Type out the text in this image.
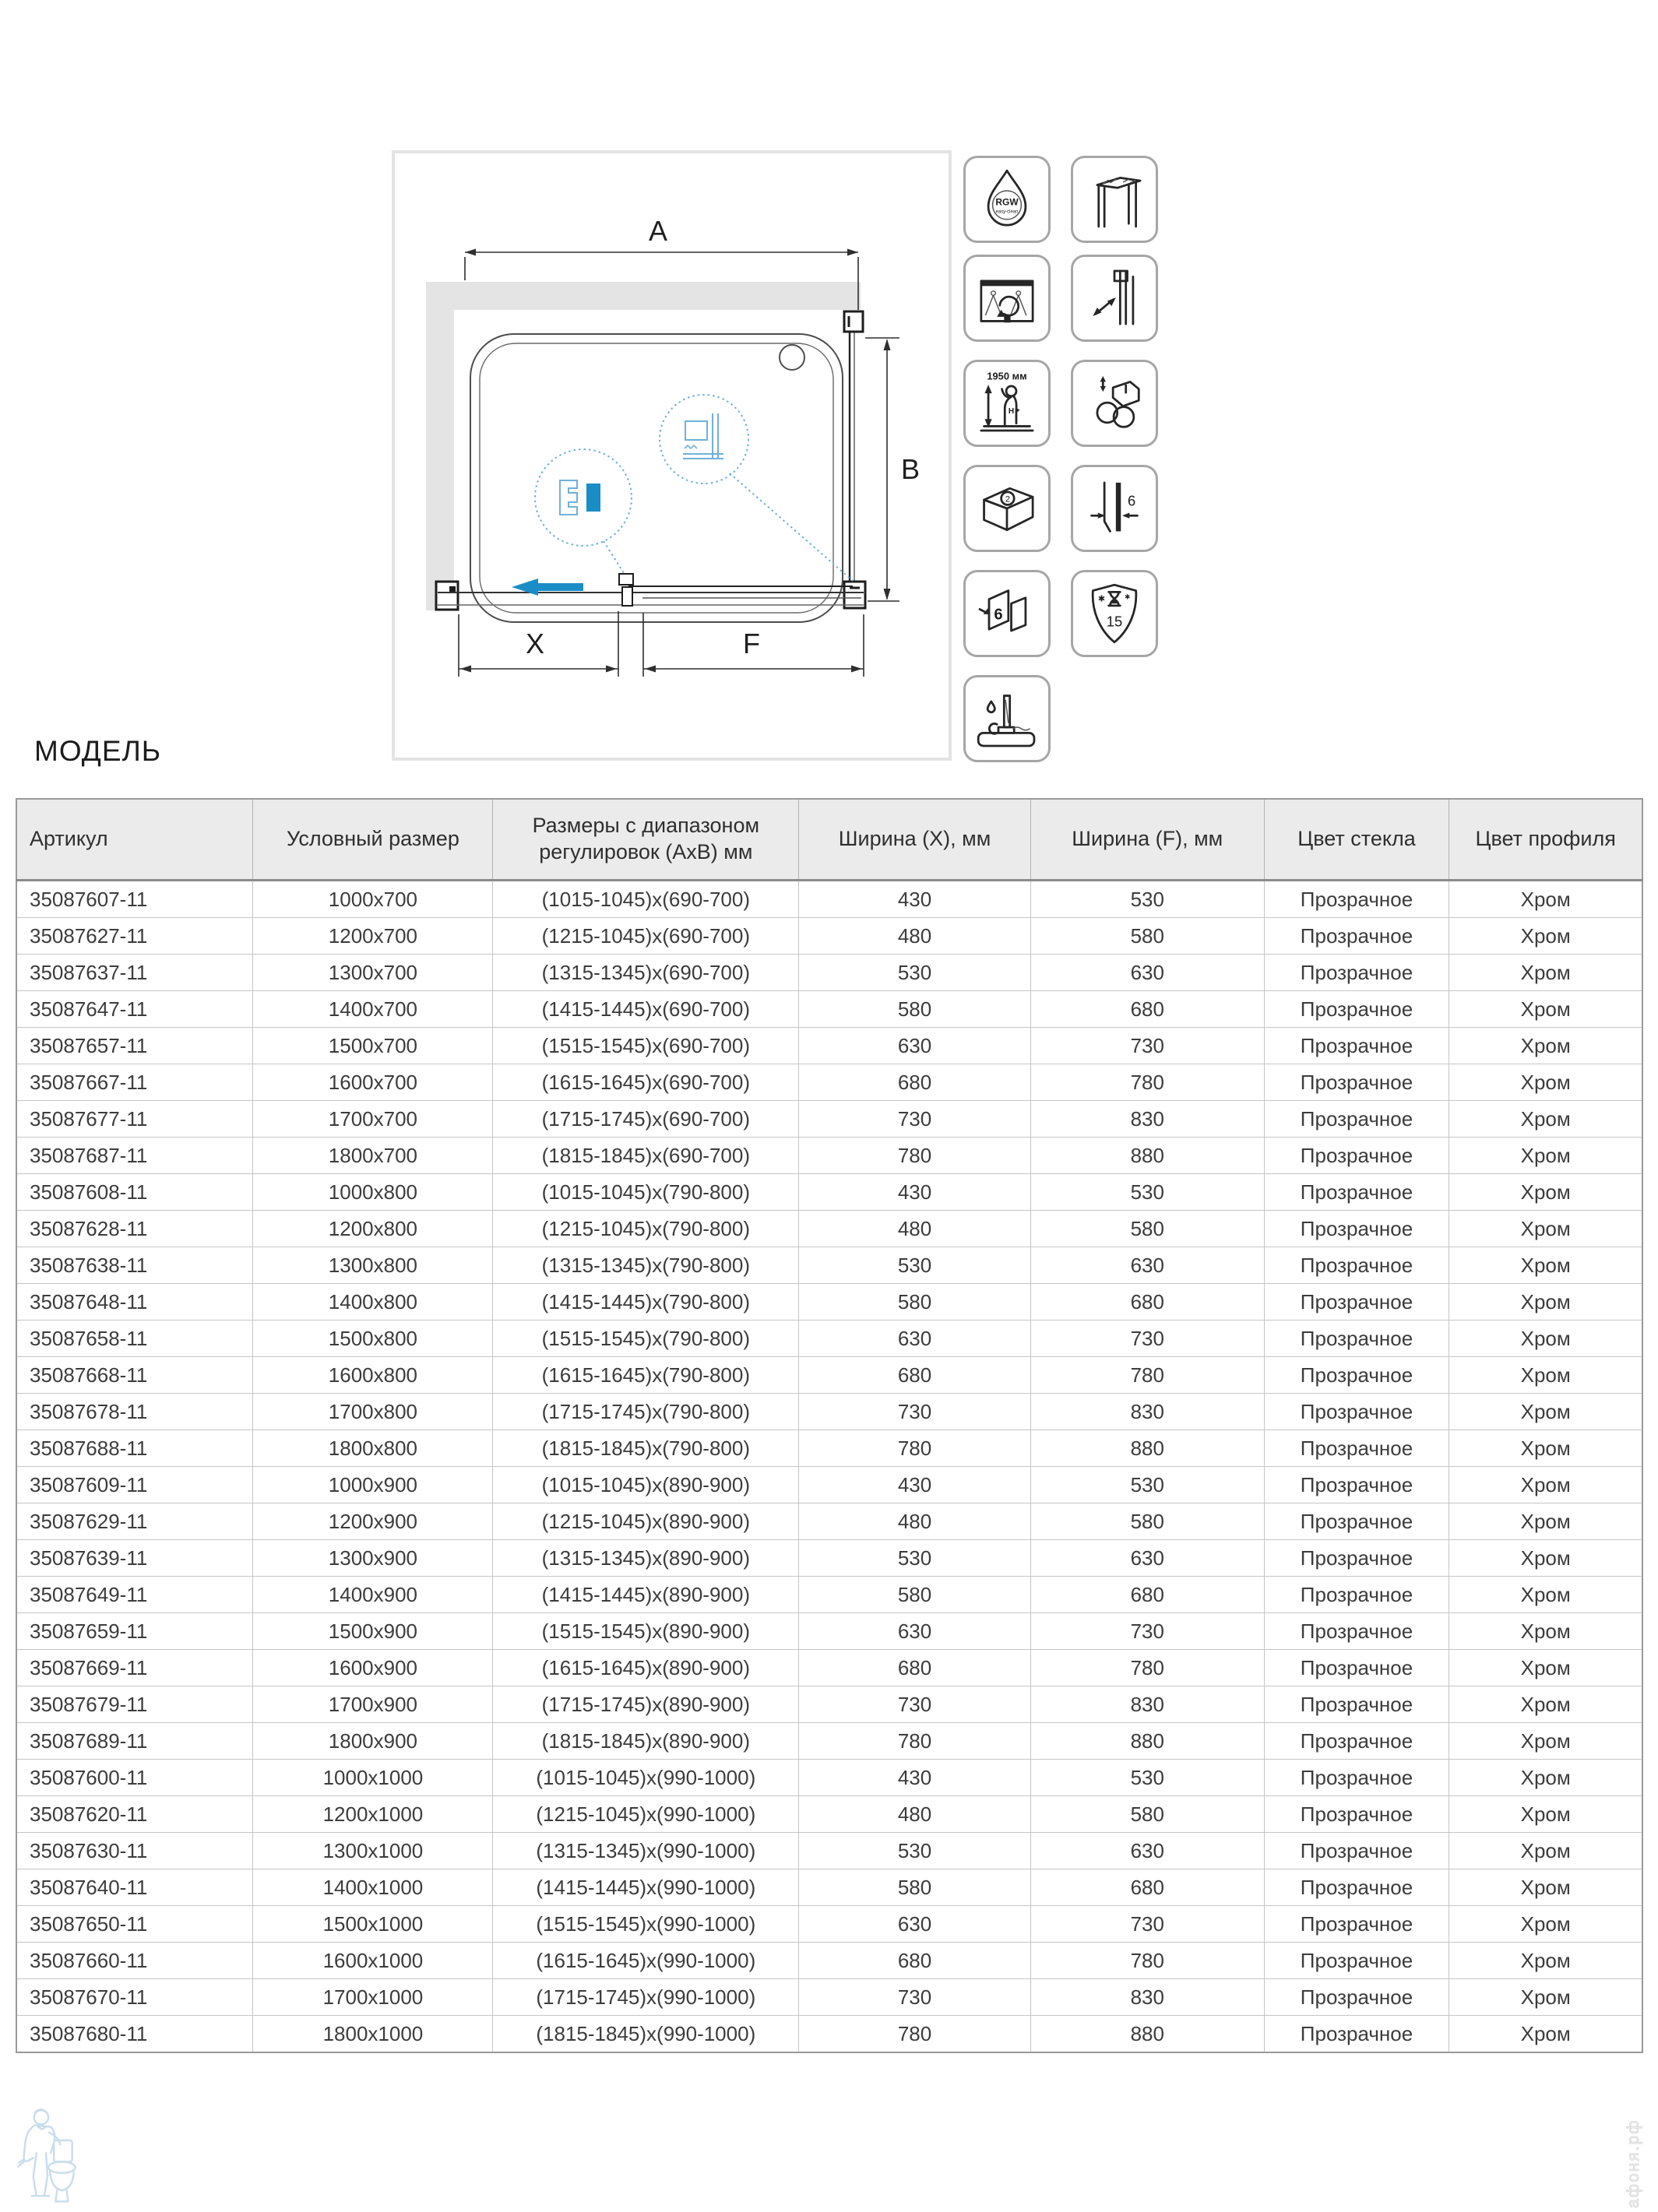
A
B
X	F
RGW
easy-clean
1950 мм
H
2	6
6
✱	✱
15
МОДЕЛЬ
Артикул	Условный размер	Размеры с диапазоном регулировок (АхВ) мм	Ширина (X), мм	Ширина (F), мм	Цвет стекла	Цвет профиля
35087607-11	1000x700	(1015-1045)x(690-700)	430	530	Прозрачное	Хром
35087627-11	1200x700	(1215-1045)x(690-700)	480	580	Прозрачное	Хром
35087637-11	1300x700	(1315-1345)x(690-700)	530	630	Прозрачное	Хром
35087647-11	1400x700	(1415-1445)x(690-700)	580	680	Прозрачное	Хром
35087657-11	1500x700	(1515-1545)x(690-700)	630	730	Прозрачное	Хром
35087667-11	1600x700	(1615-1645)x(690-700)	680	780	Прозрачное	Хром
35087677-11	1700x700	(1715-1745)x(690-700)	730	830	Прозрачное	Хром
35087687-11	1800x700	(1815-1845)x(690-700)	780	880	Прозрачное	Хром
35087608-11	1000x800	(1015-1045)x(790-800)	430	530	Прозрачное	Хром
35087628-11	1200x800	(1215-1045)x(790-800)	480	580	Прозрачное	Хром
35087638-11	1300x800	(1315-1345)x(790-800)	530	630	Прозрачное	Хром
35087648-11	1400x800	(1415-1445)x(790-800)	580	680	Прозрачное	Хром
35087658-11	1500x800	(1515-1545)x(790-800)	630	730	Прозрачное	Хром
35087668-11	1600x800	(1615-1645)x(790-800)	680	780	Прозрачное	Хром
35087678-11	1700x800	(1715-1745)x(790-800)	730	830	Прозрачное	Хром
35087688-11	1800x800	(1815-1845)x(790-800)	780	880	Прозрачное	Хром
35087609-11	1000x900	(1015-1045)x(890-900)	430	530	Прозрачное	Хром
35087629-11	1200x900	(1215-1045)x(890-900)	480	580	Прозрачное	Хром
35087639-11	1300x900	(1315-1345)x(890-900)	530	630	Прозрачное	Хром
35087649-11	1400x900	(1415-1445)x(890-900)	580	680	Прозрачное	Хром
35087659-11	1500x900	(1515-1545)x(890-900)	630	730	Прозрачное	Хром
35087669-11	1600x900	(1615-1645)x(890-900)	680	780	Прозрачное	Хром
35087679-11	1700x900	(1715-1745)x(890-900)	730	830	Прозрачное	Хром
35087689-11	1800x900	(1815-1845)x(890-900)	780	880	Прозрачное	Хром
35087600-11	1000x1000	(1015-1045)x(990-1000)	430	530	Прозрачное	Хром
35087620-11	1200x1000	(1215-1045)x(990-1000)	480	580	Прозрачное	Хром
35087630-11	1300x1000	(1315-1345)x(990-1000)	530	630	Прозрачное	Хром
35087640-11	1400x1000	(1415-1445)x(990-1000)	580	680	Прозрачное	Хром
35087650-11	1500x1000	(1515-1545)x(990-1000)	630	730	Прозрачное	Хром
35087660-11	1600x1000	(1615-1645)x(990-1000)	680	780	Прозрачное	Хром
35087670-11	1700x1000	(1715-1745)x(990-1000)	730	830	Прозрачное	Хром
35087680-11	1800x1000	(1815-1845)x(990-1000)	780	880	Прозрачное	Хром
афоня.рф
